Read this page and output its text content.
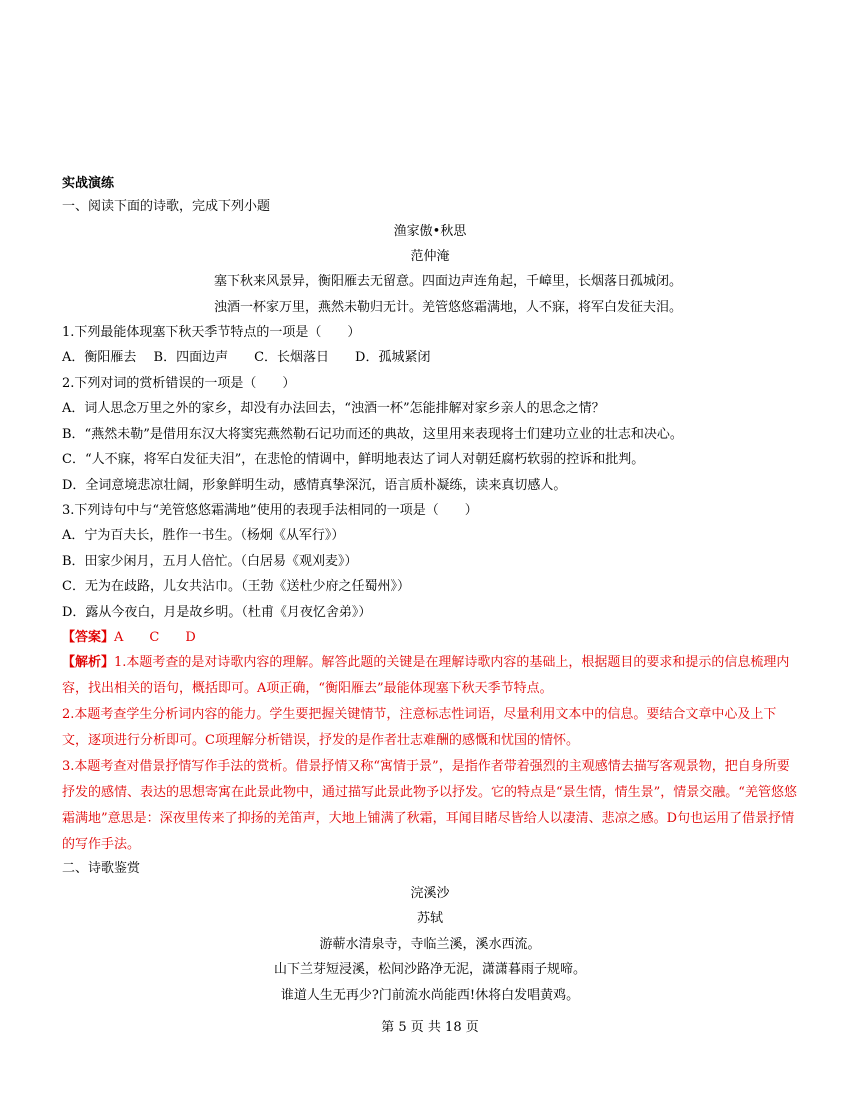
实战演练
一、阅读下面的诗歌，完成下列小题
渔家傲•秋思
范仲淹
塞下秋来风景异，衡阳雁去无留意。四面边声连角起，千嶂里，长烟落日孤城闭。
浊酒一杯家万里，燕然未勒归无计。羌管悠悠霜满地，人不寐，将军白发征夫泪。
1.下列最能体现塞下秋天季节特点的一项是（　　）
A．衡阳雁去　 B．四面边声　　C．长烟落日　　D．孤城紧闭
2.下列对词的赏析错误的一项是（　　）
A．词人思念万里之外的家乡，却没有办法回去，“浊酒一杯”怎能排解对家乡亲人的思念之情？
B．“燕然未勒”是借用东汉大将窦宪燕然勒石记功而还的典故，这里用来表现将士们建功立业的壮志和决心。
C．“人不寐，将军白发征夫泪”，在悲怆的情调中，鲜明地表达了词人对朝廷腐朽软弱的控诉和批判。
D．全词意境悲凉壮阔，形象鲜明生动，感情真挚深沉，语言质朴凝练，读来真切感人。
3.下列诗句中与“羌管悠悠霜满地”使用的表现手法相同的一项是（　　）
A．宁为百夫长，胜作一书生。（杨炯《从军行》）
B．田家少闲月，五月人倍忙。（白居易《观刈麦》）
C．无为在歧路，儿女共沾巾。（王勃《送杜少府之任蜀州》）
D．露从今夜白，月是故乡明。（杜甫《月夜忆舍弟》）
【答案】A　　C　　D
【解析】1.本题考查的是对诗歌内容的理解。解答此题的关键是在理解诗歌内容的基础上，根据题目的要求和提示的信息梳理内容，找出相关的语句，概括即可。A项正确，“衡阳雁去”最能体现塞下秋天季节特点。
2.本题考查学生分析词内容的能力。学生要把握关键情节，注意标志性词语，尽量利用文本中的信息。要结合文章中心及上下文，逐项进行分析即可。C项理解分析错误，抒发的是作者壮志难酬的感慨和忧国的情怀。
3.本题考查对借景抒情写作手法的赏析。借景抒情又称“寓情于景”，是指作者带着强烈的主观感情去描写客观景物，把自身所要抒发的感情、表达的思想寄寓在此景此物中，通过描写此景此物予以抒发。它的特点是“景生情，情生景”，情景交融。“羌管悠悠霜满地”意思是：深夜里传来了抑扬的羌笛声，大地上铺满了秋霜，耳闻目睹尽皆给人以凄清、悲凉之感。D句也运用了借景抒情的写作手法。
二、诗歌鉴赏
浣溪沙
苏轼
游蕲水清泉寺，寺临兰溪，溪水西流。
山下兰芽短浸溪，松间沙路净无泥，潇潇暮雨子规啼。
谁道人生无再少?门前流水尚能西!休将白发唱黄鸡。
第 5 页 共 18 页
